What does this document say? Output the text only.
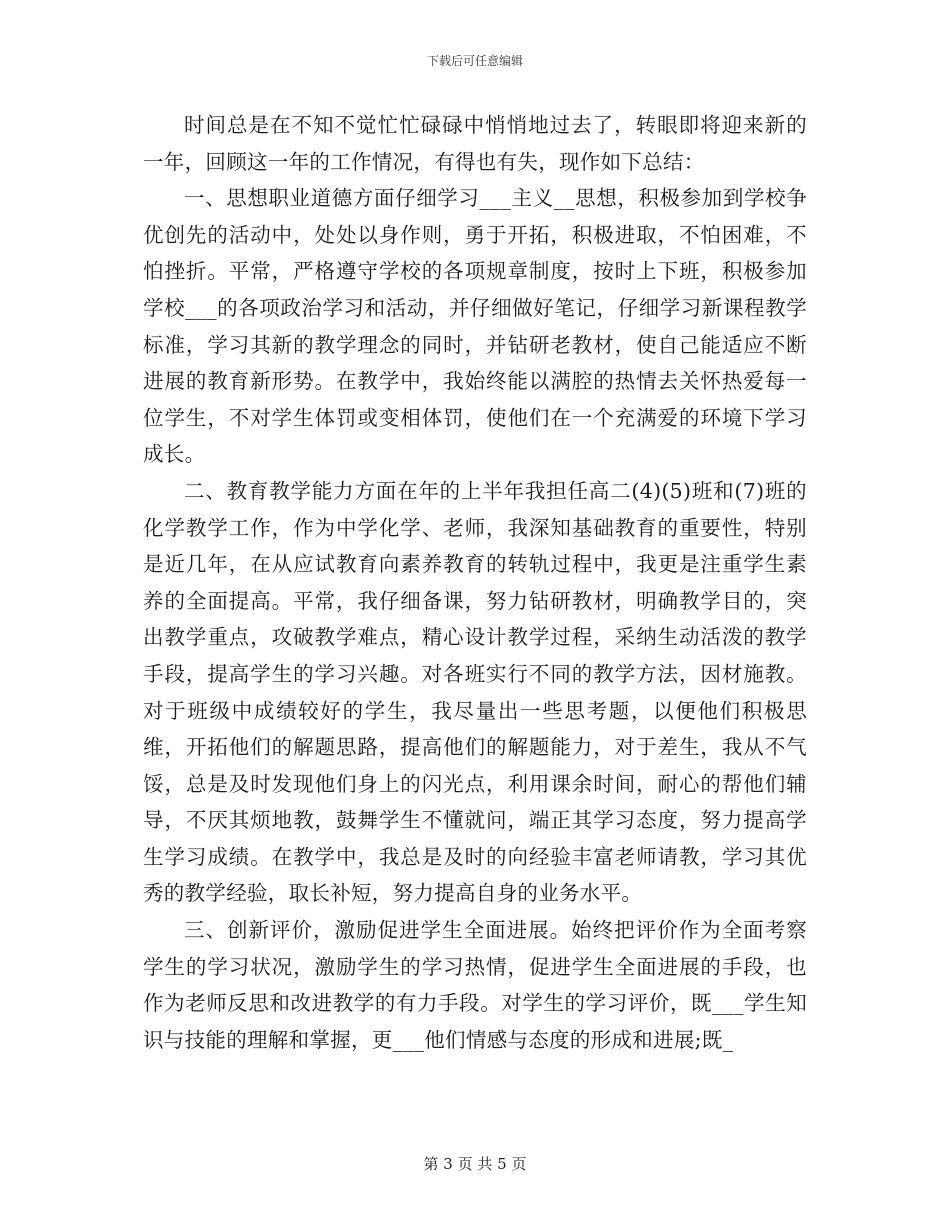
下载后可任意编辑

时间总是在不知不觉忙忙碌碌中悄悄地过去了，转眼即将迎来新的一年，回顾这一年的工作情况，有得也有失，现作如下总结：

一、思想职业道德方面仔细学习___主义__思想，积极参加到学校争优创先的活动中，处处以身作则，勇于开拓，积极进取，不怕困难，不怕挫折。平常，严格遵守学校的各项规章制度，按时上下班，积极参加学校___的各项政治学习和活动，并仔细做好笔记，仔细学习新课程教学标准，学习其新的教学理念的同时，并钻研老教材，使自己能适应不断进展的教育新形势。在教学中，我始终能以满腔的热情去关怀热爱每一位学生，不对学生体罚或变相体罚，使他们在一个充满爱的环境下学习成长。

二、教育教学能力方面在年的上半年我担任高二(4)(5)班和(7)班的化学教学工作，作为中学化学、老师，我深知基础教育的重要性，特别是近几年，在从应试教育向素养教育的转轨过程中，我更是注重学生素养的全面提高。平常，我仔细备课，努力钻研教材，明确教学目的，突出教学重点，攻破教学难点，精心设计教学过程，采纳生动活泼的教学手段，提高学生的学习兴趣。对各班实行不同的教学方法，因材施教。对于班级中成绩较好的学生，我尽量出一些思考题，以便他们积极思维，开拓他们的解题思路，提高他们的解题能力，对于差生，我从不气馁，总是及时发现他们身上的闪光点，利用课余时间，耐心的帮他们辅导，不厌其烦地教，鼓舞学生不懂就问，端正其学习态度，努力提高学生学习成绩。在教学中，我总是及时的向经验丰富老师请教，学习其优秀的教学经验，取长补短，努力提高自身的业务水平。

三、创新评价，激励促进学生全面进展。始终把评价作为全面考察学生的学习状况，激励学生的学习热情，促进学生全面进展的手段，也作为老师反思和改进教学的有力手段。对学生的学习评价，既___学生知识与技能的理解和掌握，更___他们情感与态度的形成和进展;既_

第 3 页 共 5 页
